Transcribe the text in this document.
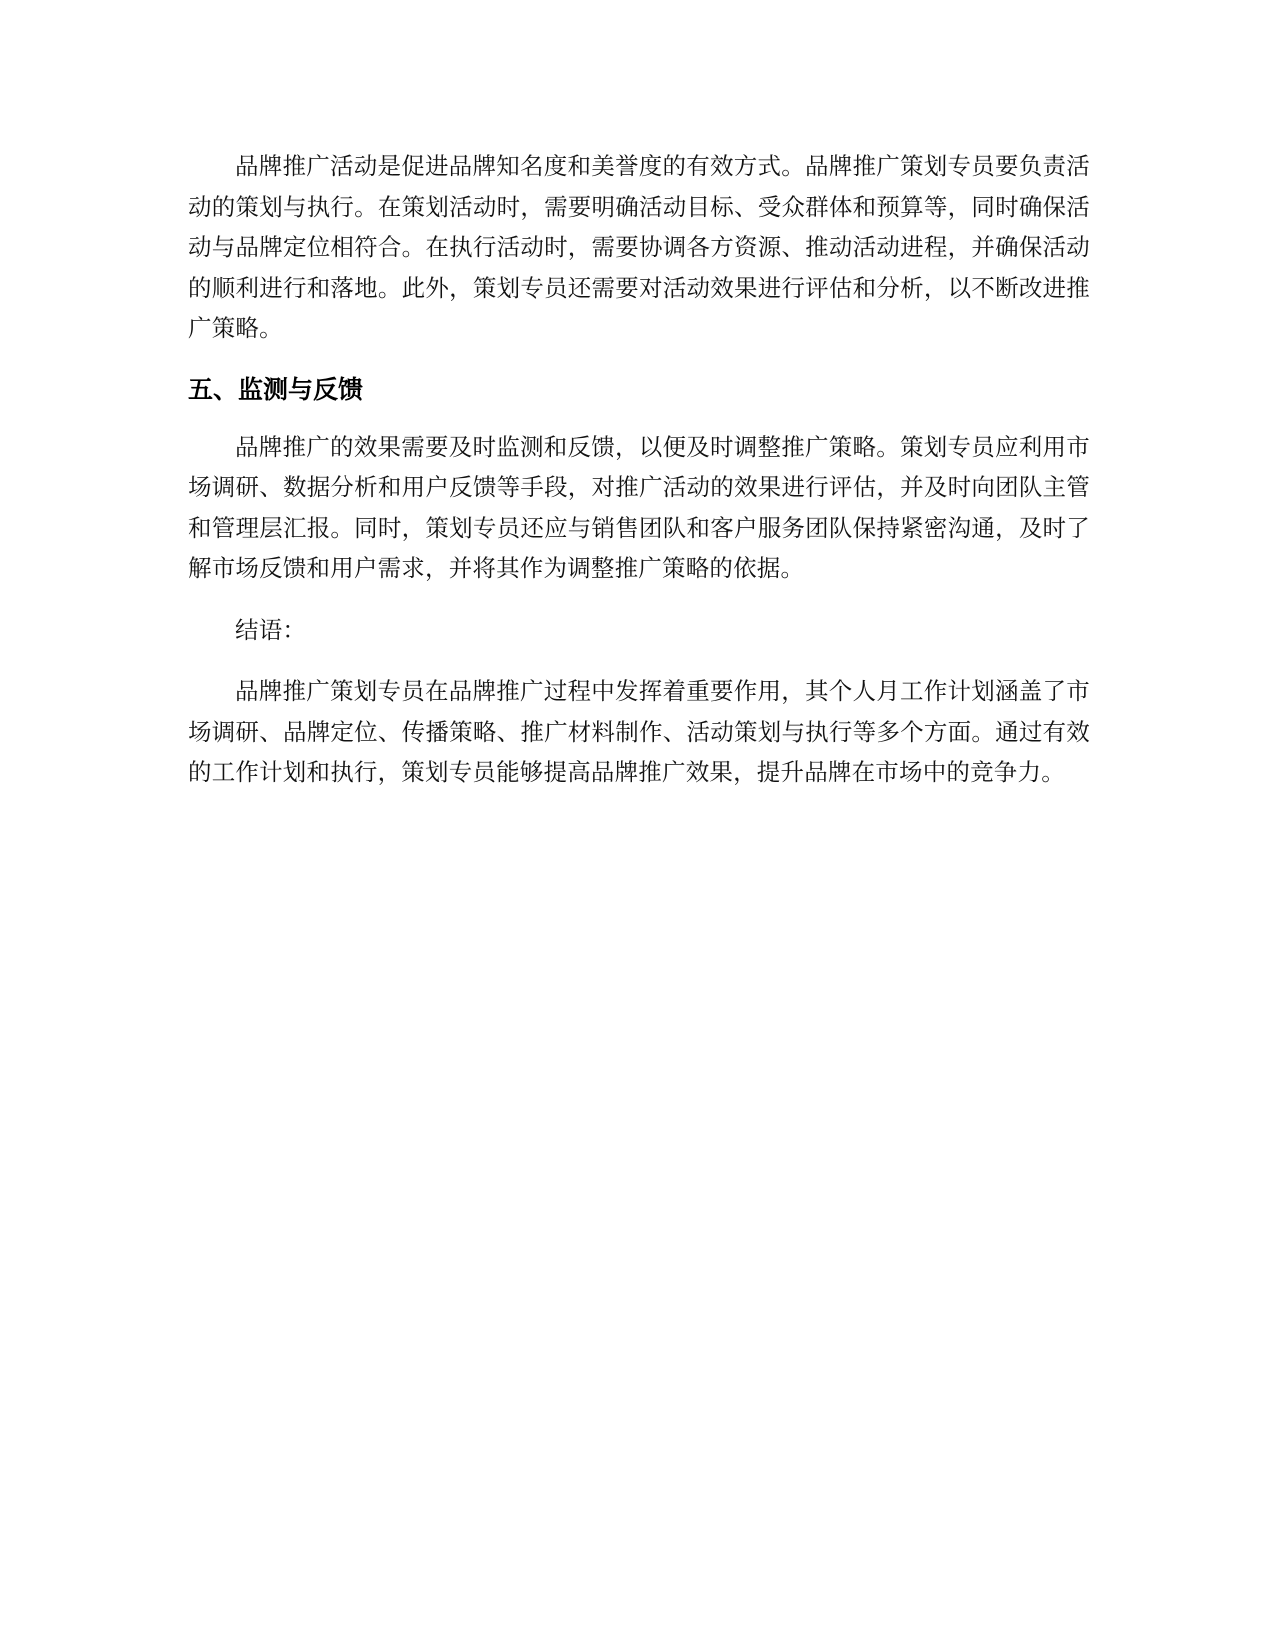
品牌推广活动是促进品牌知名度和美誉度的有效方式。品牌推广策划专员要负责活动的策划与执行。在策划活动时，需要明确活动目标、受众群体和预算等，同时确保活动与品牌定位相符合。在执行活动时，需要协调各方资源、推动活动进程，并确保活动的顺利进行和落地。此外，策划专员还需要对活动效果进行评估和分析，以不断改进推广策略。

五、监测与反馈

品牌推广的效果需要及时监测和反馈，以便及时调整推广策略。策划专员应利用市场调研、数据分析和用户反馈等手段，对推广活动的效果进行评估，并及时向团队主管和管理层汇报。同时，策划专员还应与销售团队和客户服务团队保持紧密沟通，及时了解市场反馈和用户需求，并将其作为调整推广策略的依据。

结语：

品牌推广策划专员在品牌推广过程中发挥着重要作用，其个人月工作计划涵盖了市场调研、品牌定位、传播策略、推广材料制作、活动策划与执行等多个方面。通过有效的工作计划和执行，策划专员能够提高品牌推广效果，提升品牌在市场中的竞争力。
